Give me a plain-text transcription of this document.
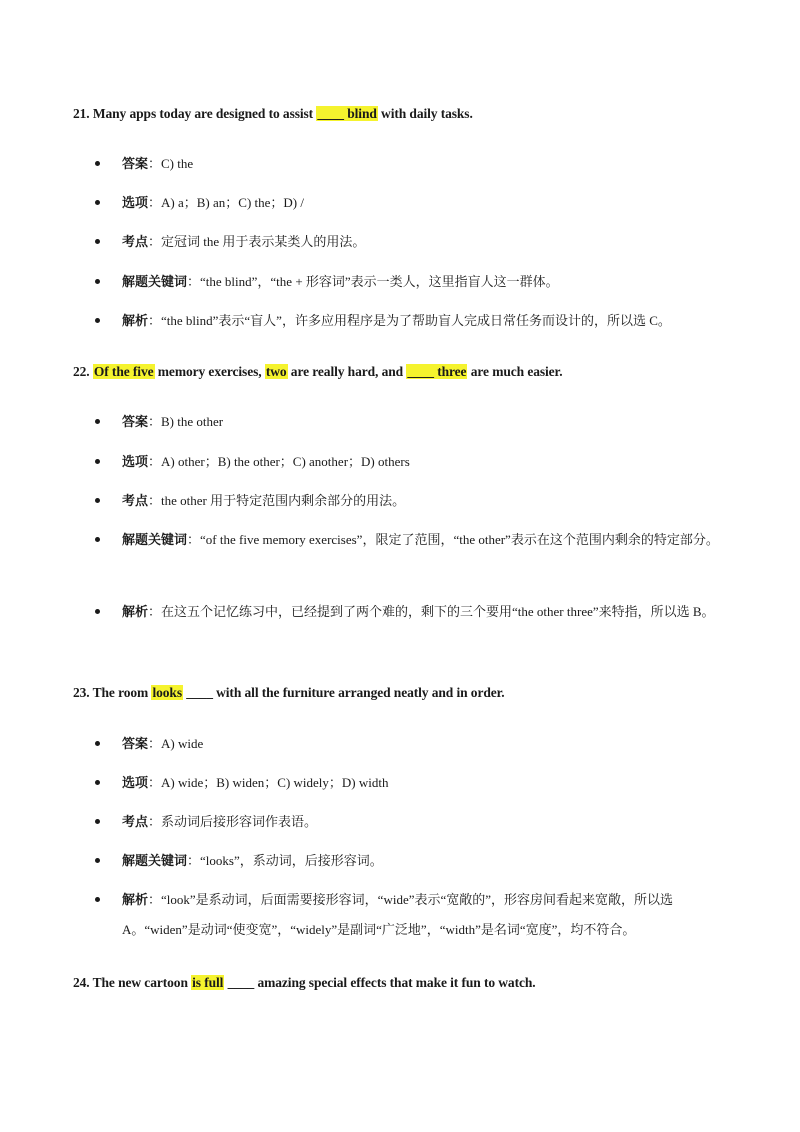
21. Many apps today are designed to assist ____ blind with daily tasks.
答案：C) the
选项：A) a；B) an；C) the；D) /
考点：定冠词 the 用于表示某类人的用法。
解题关键词：“the blind”，“the + 形容词”表示一类人，这里指盲人这一群体。
解析：“the blind”表示“盲人”，许多应用程序是为了帮助盲人完成日常任务而设计的，所以选 C。
22. Of the five memory exercises, two are really hard, and ____ three are much easier.
答案：B) the other
选项：A) other；B) the other；C) another；D) others
考点：the other 用于特定范围内剩余部分的用法。
解题关键词：“of the five memory exercises”，限定了范围，“the other”表示在这个范围内剩余的特定部分。
解析：在这五个记忆练习中，已经提到了两个难的，剩下的三个要用“the other three”来特指，所以选 B。
23. The room looks ____ with all the furniture arranged neatly and in order.
答案：A) wide
选项：A) wide；B) widen；C) widely；D) width
考点：系动词后接形容词作表语。
解题关键词：“looks”，系动词，后接形容词。
解析：“look”是系动词，后面需要接形容词，“wide”表示“宽敞的”，形容房间看起来宽敞，所以选 A。“widen”是动词“使变宽”，“widely”是副词“广泛地”，“width”是名词“宽度”，均不符合。
24. The new cartoon is full ____ amazing special effects that make it fun to watch.
